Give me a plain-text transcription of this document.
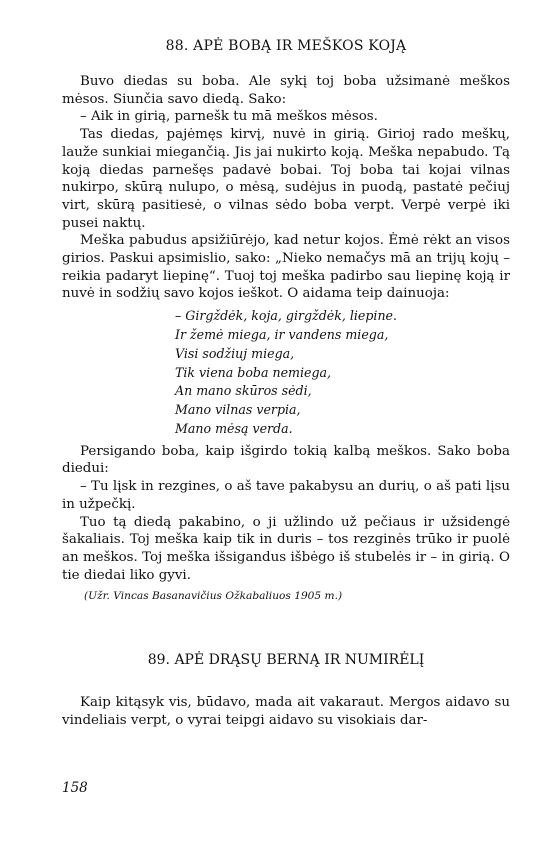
88. APĖ BOBĄ IR MEŠKOS KOJĄ

Buvo diedas su boba. Ale sykį toj boba užsimanė meškos mėsos. Siunčia savo diedą. Sako:

– Aik in girią, parnešk tu mā meškos mėsos.

Tas diedas, pajėmęs kirvį, nuvė in girią. Girioj rado meškų, lauže sunkiai miegančią. Jis jai nukirto koją. Meška nepabudo. Tą koją diedas parnešęs padavė bobai. Toj boba tai kojai vilnas nukirpo, skūrą nulupo, o mėsą, sudėjus in puodą, pastatė pečiuj virt, skūrą pasitiesė, o vilnas sėdo boba verpt. Verpė verpė iki pusei naktų.

Meška pabudus apsižiūrėjo, kad netur kojos. Ėmė rėkt an visos girios. Paskui apsimislio, sako: „Nieko nemačys mā an trijų kojų – reikia padaryt liepinę“. Tuoj toj meška padirbo sau liepinę koją ir nuvė in sodžių savo kojos ieškot. O aidama teip dainuoja:

– Girgždėk, koja, girgždėk, liepine.
Ir žemė miega, ir vandens miega,
Visi sodžiuj miega,
Tik viena boba nemiega,
An mano skūros sėdi,
Mano vilnas verpia,
Mano mėsą verda.

Persigando boba, kaip išgirdo tokią kalbą meškos. Sako boba diedui:

– Tu lįsk in rezgines, o aš tave pakabysu an durių, o aš pati lįsu in užpečkį.

Tuo tą diedą pakabino, o ji užlindo už pečiaus ir užsidengė šakaliais. Toj meška kaip tik in duris – tos rezginės trūko ir puolė an meškos. Toj meška išsigandus išbėgo iš stubelės ir – in girią. O tie diedai liko gyvi.

(Užr. Vincas Basanavičius Ožkabaliuos 1905 m.)
89. APĖ DRĄSŲ BERNĄ IR NUMIRĖLĮ

Kaip kitąsyk vis, būdavo, mada ait vakaraut. Mergos aidavo su vindeliais verpt, o vyrai teipgi aidavo su visokiais dar-

158
